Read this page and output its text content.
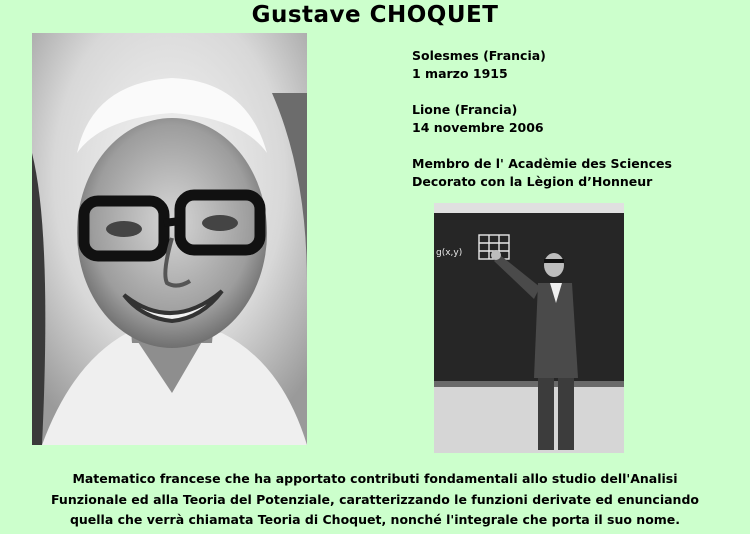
Gustave CHOQUET
Solesmes (Francia)
1 marzo 1915
Lione (Francia)
14 novembre 2006
Membro de l' Acadèmie des Sciences
Decorato con la Lègion d’Honneur
g(x,y)
Matematico francese che ha apportato contributi fondamentali allo studio dell'Analisi
Funzionale ed alla Teoria del Potenziale, caratterizzando le funzioni derivate ed enunciando
quella che verrà chiamata Teoria di Choquet, nonché l'integrale che porta il suo nome.
